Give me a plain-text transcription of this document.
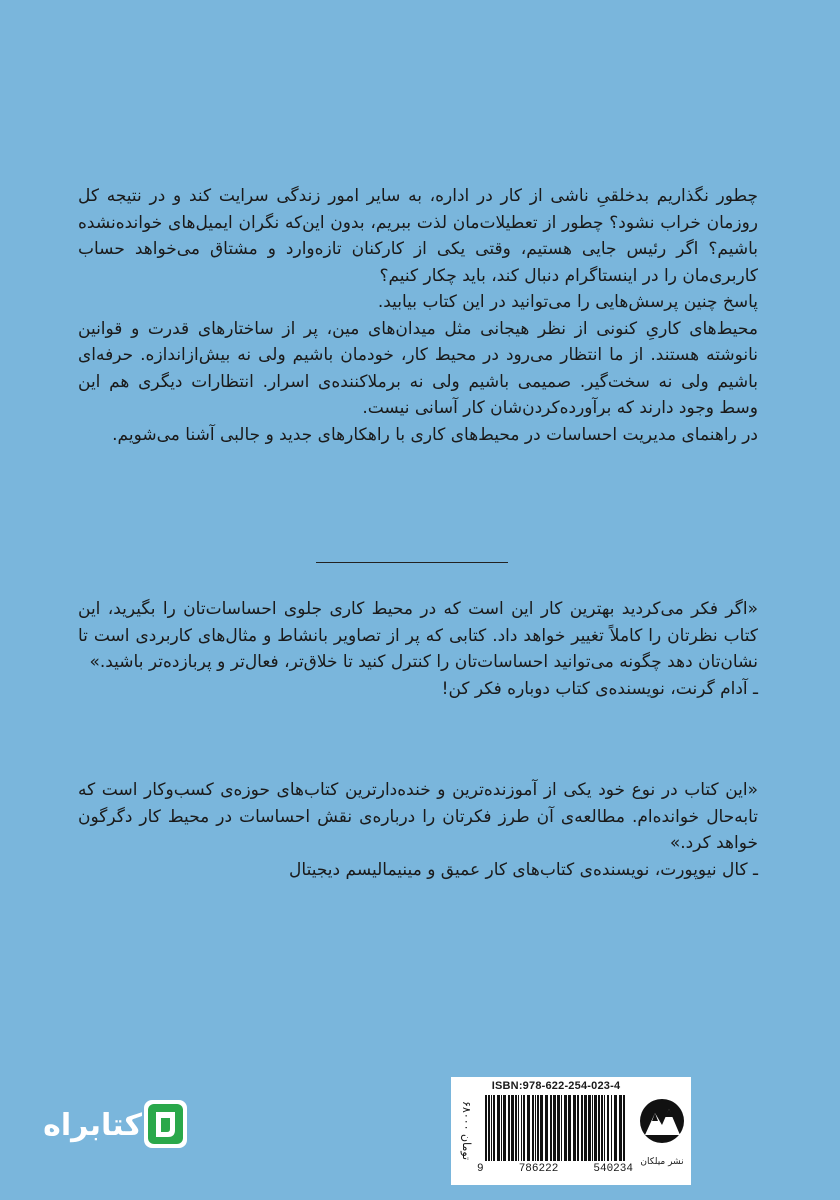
چطور نگذاریم بدخلقیِ ناشی از کار در اداره، به سایر امور زندگی سرایت کند و در نتیجه کل روزمان خراب نشود؟ چطور از تعطیلات‌مان لذت ببریم، بدون این‌که نگران ایمیل‌های خوانده‌نشده باشیم؟ اگر رئیس جایی هستیم، وقتی یکی از کارکنان تازه‌وارد و مشتاق می‌خواهد حساب کاربری‌مان را در اینستاگرام دنبال کند، باید چکار کنیم؟

پاسخ چنین پرسش‌هایی را می‌توانید در این کتاب بیابید.

محیط‌های کاریِ کنونی از نظر هیجانی مثل میدان‌های مین، پر از ساختارهای قدرت و قوانین نانوشته هستند. از ما انتظار می‌رود در محیط کار، خودمان باشیم ولی نه بیش‌ازاندازه. حرفه‌ای باشیم ولی نه سخت‌گیر. صمیمی باشیم ولی نه برملاکننده‌ی اسرار. انتظارات دیگری هم این وسط وجود دارند که برآورده‌کردن‌شان کار آسانی نیست.

در راهنمای مدیریت احساسات در محیط‌های کاری با راهکارهای جدید و جالبی آشنا می‌شویم.

«اگر فکر می‌کردید بهترین کار این است که در محیط کاری جلوی احساسات‌تان را بگیرید، این کتاب نظرتان را کاملاً تغییر خواهد داد. کتابی که پر از تصاویر بانشاط و مثال‌های کاربردی است تا نشان‌تان دهد چگونه می‌توانید احساسات‌تان را کنترل کنید تا خلاق‌تر، فعال‌تر و پربازده‌تر باشید.»

ـ آدام گرنت، نویسنده‌ی کتاب دوباره فکر کن!

«این کتاب در نوع خود یکی از آموزنده‌ترین و خنده‌دارترین کتاب‌های حوزه‌ی کسب‌وکار است که تابه‌حال خوانده‌ام. مطالعه‌ی آن طرز فکرتان را درباره‌ی نقش احساسات در محیط کار دگرگون خواهد کرد.»

ـ کال نیوپورت، نویسنده‌ی کتاب‌های کار عمیق و مینیمالیسم دیجیتال

۶۸۰۰۰ تومان
ISBN:978-622-254-023-4
9	786222	540234
نشر میلکان
کتابراه
